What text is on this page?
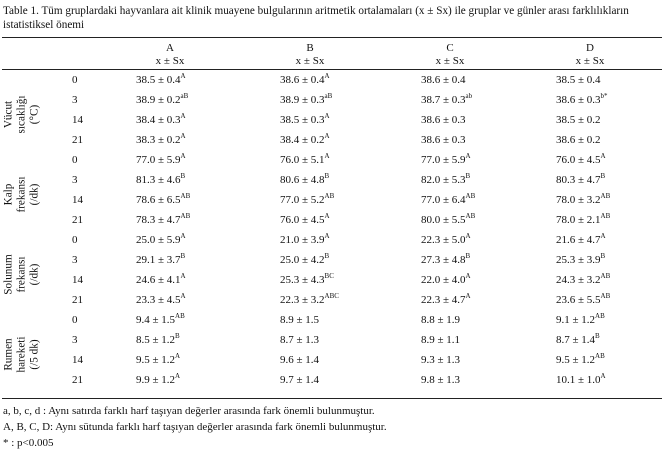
Table 1. Tüm gruplardaki hayvanlara ait klinik muayene bulgularının aritmetik ortalamaları (x ± Sx) ile gruplar ve günler arası farklılıkların istatistiksel önemi
A
x ± Sx
B
x ± Sx
C
x ± Sx
D
x ± Sx
Vücut sıcaklığı (°C)
0	$38.5 \pm 0.4^A$	$38.6 \pm 0.4^A$	38.6 ± 0.4	38.5 ± 0.4
3	$38.9 \pm 0.2^{aB}$	$38.9 \pm 0.3^{aB}$	38.7 ± 0.3$^{ab}$	$38.6 \pm 0.3^{b*}$
14	$38.4 \pm 0.3^A$	$38.5 \pm 0.3^A$	38.6 ± 0.3	38.5 ± 0.2
21	$38.3 \pm 0.2^A$	$38.4 \pm 0.2^A$	38.6 ± 0.3	38.6 ± 0.2
Kalp frekansı (/dk)
0	$77.0 \pm 5.9^A$	$76.0 \pm 5.1^A$	$77.0 \pm 5.9^A$	$76.0 \pm 4.5^A$
3	$81.3 \pm 4.6^B$	$80.6 \pm 4.8^B$	$82.0 \pm 5.3^B$	$80.3 \pm 4.7^B$
14	$78.6 \pm 6.5^{AB}$	$77.0 \pm 5.2^{AB}$	$77.0 \pm 6.4^{AB}$	$78.0 \pm 3.2^{AB}$
21	$78.3 \pm 4.7^{AB}$	$76.0 \pm 4.5^A$	$80.0 \pm 5.5^{AB}$	$78.0 \pm 2.1^{AB}$
Solunum frekansı (/dk)
0	$25.0 \pm 5.9^A$	$21.0 \pm 3.9^A$	$22.3 \pm 5.0^A$	$21.6 \pm 4.7^A$
3	$29.1 \pm 3.7^B$	$25.0 \pm 4.2^B$	$27.3 \pm 4.8^B$	$25.3 \pm 3.9^B$
14	$24.6 \pm 4.1^A$	$25.3 \pm 4.3^{BC}$	$22.0 \pm 4.0^A$	$24.3 \pm 3.2^{AB}$
21	$23.3 \pm 4.5^A$	$22.3 \pm 3.2^{ABC}$	$22.3 \pm 4.7^A$	$23.6 \pm 5.5^{AB}$
Rumen hareketi (/5 dk)
0	$9.4 \pm 1.5^{AB}$	8.9 ± 1.5	8.8 ± 1.9	$9.1 \pm 1.2^{AB}$
3	$8.5 \pm 1.2^B$	8.7 ± 1.3	8.9 ± 1.1	$8.7 \pm 1.4^B$
14	$9.5 \pm 1.2^A$	9.6 ± 1.4	9.3 ± 1.3	$9.5 \pm 1.2^{AB}$
21	$9.9 \pm 1.2^A$	9.7 ± 1.4	9.8 ± 1.3	$10.1 \pm 1.0^A$
a, b, c, d : Aynı satırda farklı harf taşıyan değerler arasında fark önemli bulunmuştur.
A, B, C, D: Aynı sütunda farklı harf taşıyan değerler arasında fark önemli bulunmuştur.
* : p<0.005
